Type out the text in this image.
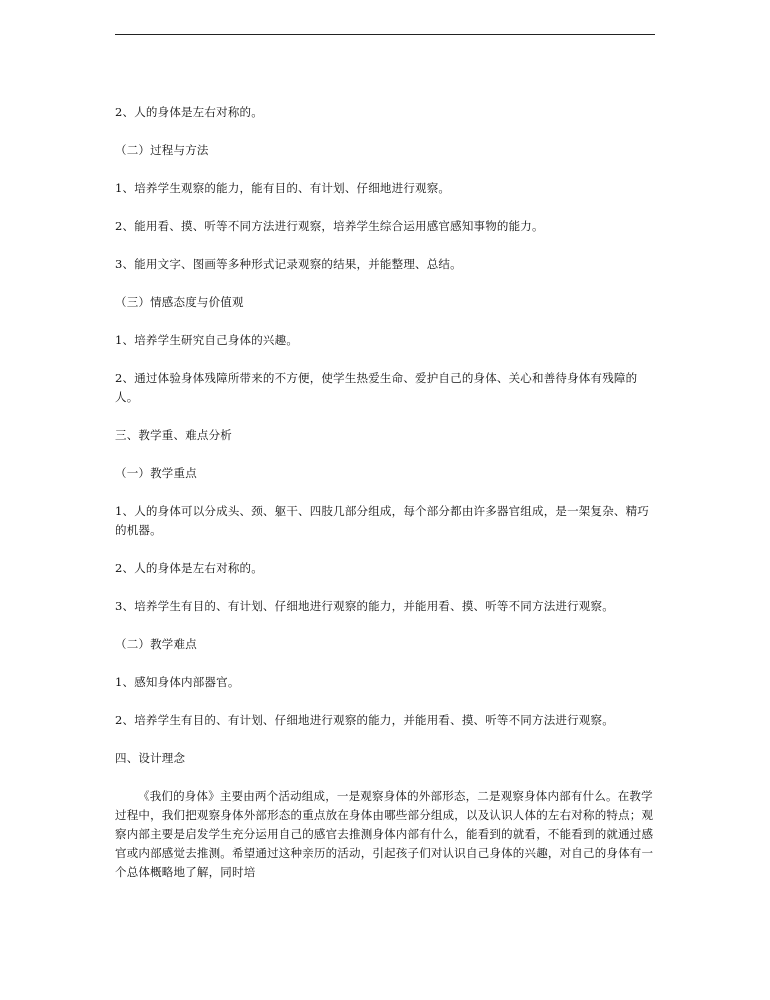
2、人的身体是左右对称的。

（二）过程与方法

1、培养学生观察的能力，能有目的、有计划、仔细地进行观察。

2、能用看、摸、听等不同方法进行观察，培养学生综合运用感官感知事物的能力。

3、能用文字、图画等多种形式记录观察的结果，并能整理、总结。

（三）情感态度与价值观

1、培养学生研究自己身体的兴趣。

2、通过体验身体残障所带来的不方便，使学生热爱生命、爱护自己的身体、关心和善待身体有残障的人。

三、教学重、难点分析

（一）教学重点

1、人的身体可以分成头、颈、躯干、四肢几部分组成，每个部分都由许多器官组成，是一架复杂、精巧的机器。

2、人的身体是左右对称的。

3、培养学生有目的、有计划、仔细地进行观察的能力，并能用看、摸、听等不同方法进行观察。

（二）教学难点

1、感知身体内部器官。

2、培养学生有目的、有计划、仔细地进行观察的能力，并能用看、摸、听等不同方法进行观察。

四、设计理念

《我们的身体》主要由两个活动组成，一是观察身体的外部形态，二是观察身体内部有什么。在教学过程中，我们把观察身体外部形态的重点放在身体由哪些部分组成，以及认识人体的左右对称的特点；观察内部主要是启发学生充分运用自己的感官去推测身体内部有什么，能看到的就看，不能看到的就通过感官或内部感觉去推测。希望通过这种亲历的活动，引起孩子们对认识自己身体的兴趣，对自己的身体有一个总体概略地了解，同时培
